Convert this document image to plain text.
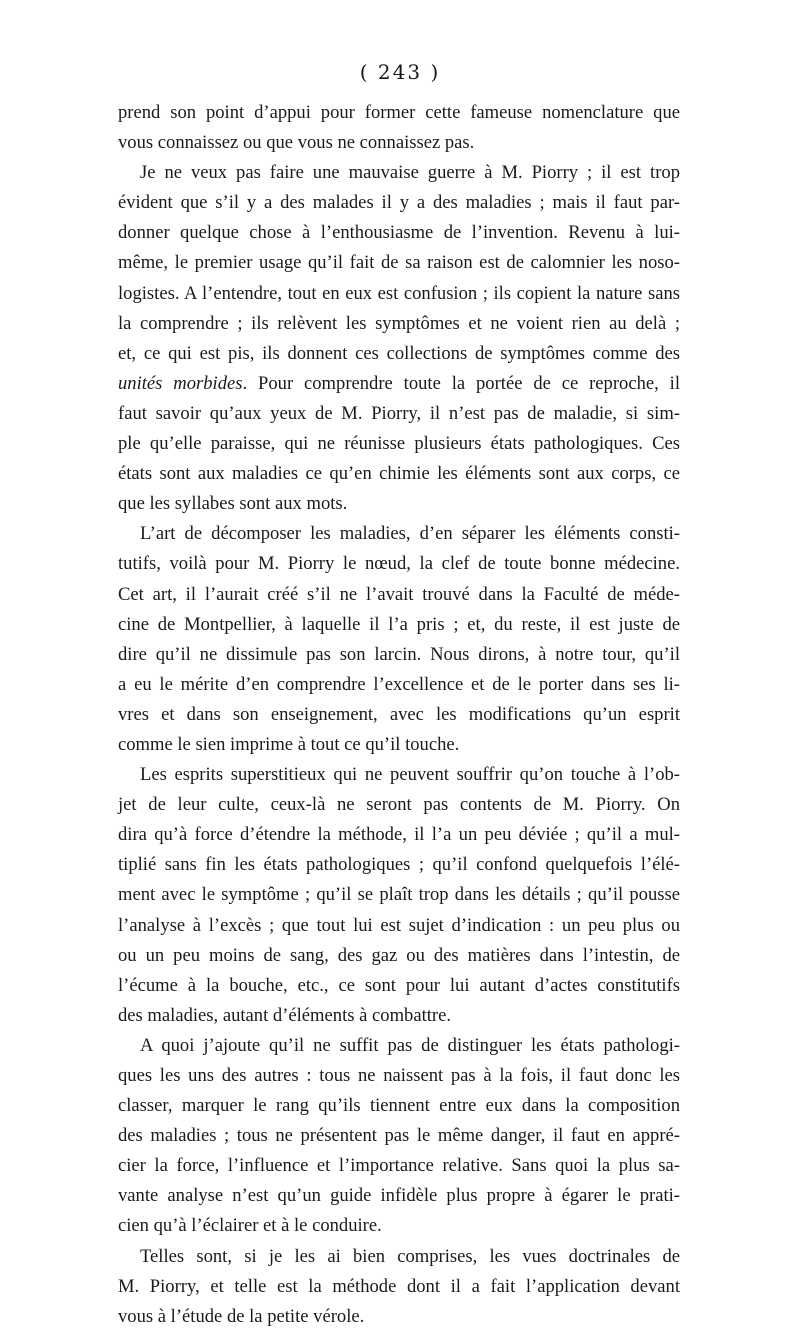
( 243 )
prend son point d’appui pour former cette fameuse nomenclature que
vous connaissez ou que vous ne connaissez pas.
Je ne veux pas faire une mauvaise guerre à M. Piorry ; il est trop
évident que s’il y a des malades il y a des maladies ; mais il faut par-
donner quelque chose à l’enthousiasme de l’invention. Revenu à lui-
même, le premier usage qu’il fait de sa raison est de calomnier les noso-
logistes. A l’entendre, tout en eux est confusion ; ils copient la nature sans
la comprendre ; ils relèvent les symptômes et ne voient rien au delà ;
et, ce qui est pis, ils donnent ces collections de symptômes comme des
unités morbides. Pour comprendre toute la portée de ce reproche, il
faut savoir qu’aux yeux de M. Piorry, il n’est pas de maladie, si sim-
ple qu’elle paraisse, qui ne réunisse plusieurs états pathologiques. Ces
états sont aux maladies ce qu’en chimie les éléments sont aux corps, ce
que les syllabes sont aux mots.
L’art de décomposer les maladies, d’en séparer les éléments consti-
tutifs, voilà pour M. Piorry le nœud, la clef de toute bonne médecine.
Cet art, il l’aurait créé s’il ne l’avait trouvé dans la Faculté de méde-
cine de Montpellier, à laquelle il l’a pris ; et, du reste, il est juste de
dire qu’il ne dissimule pas son larcin. Nous dirons, à notre tour, qu’il
a eu le mérite d’en comprendre l’excellence et de le porter dans ses li-
vres et dans son enseignement, avec les modifications qu’un esprit
comme le sien imprime à tout ce qu’il touche.
Les esprits superstitieux qui ne peuvent souffrir qu’on touche à l’ob-
jet de leur culte, ceux-là ne seront pas contents de M. Piorry. On
dira qu’à force d’étendre la méthode, il l’a un peu déviée ; qu’il a mul-
tiplié sans fin les états pathologiques ; qu’il confond quelquefois l’élé-
ment avec le symptôme ; qu’il se plaît trop dans les détails ; qu’il pousse
l’analyse à l’excès ; que tout lui est sujet d’indication : un peu plus ou
ou un peu moins de sang, des gaz ou des matières dans l’intestin, de
l’écume à la bouche, etc., ce sont pour lui autant d’actes constitutifs
des maladies, autant d’éléments à combattre.
A quoi j’ajoute qu’il ne suffit pas de distinguer les états pathologi-
ques les uns des autres : tous ne naissent pas à la fois, il faut donc les
classer, marquer le rang qu’ils tiennent entre eux dans la composition
des maladies ; tous ne présentent pas le même danger, il faut en appré-
cier la force, l’influence et l’importance relative. Sans quoi la plus sa-
vante analyse n’est qu’un guide infidèle plus propre à égarer le prati-
cien qu’à l’éclairer et à le conduire.
Telles sont, si je les ai bien comprises, les vues doctrinales de
M. Piorry, et telle est la méthode dont il a fait l’application devant
vous à l’étude de la petite vérole.
